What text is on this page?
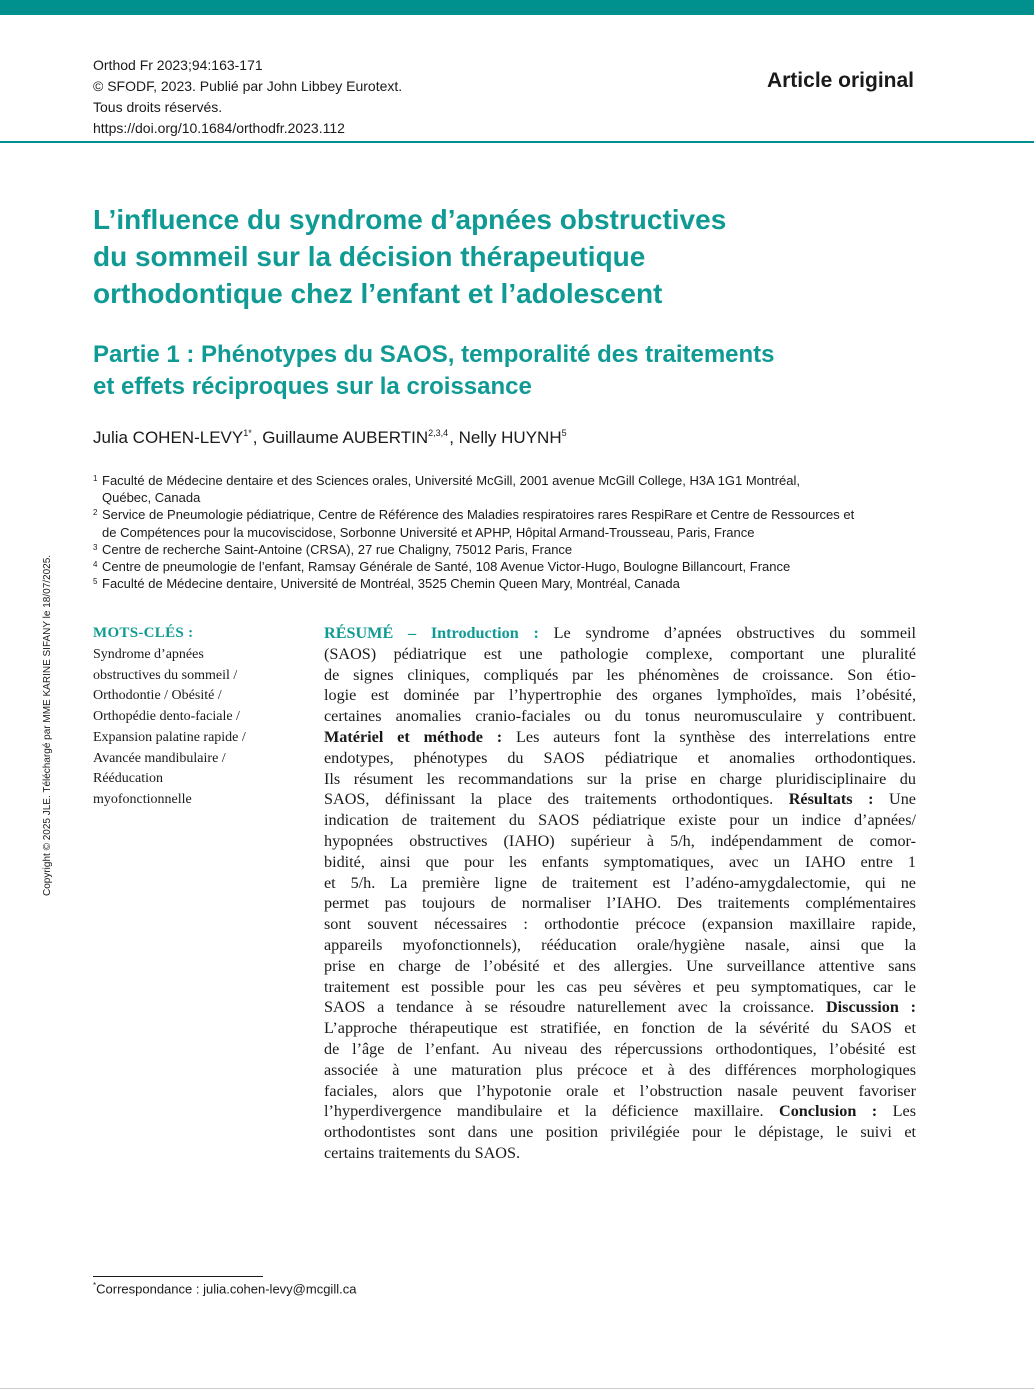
Orthod Fr 2023;94:163-171
© SFODF, 2023. Publié par John Libbey Eurotext.
Tous droits réservés.
https://doi.org/10.1684/orthodfr.2023.112
Article original
L’influence du syndrome d’apnées obstructives
du sommeil sur la décision thérapeutique
orthodontique chez l’enfant et l’adolescent
Partie 1 : Phénotypes du SAOS, temporalité des traitements
et effets réciproques sur la croissance
Julia COHEN-$LEVY^{1*}$, Guillaume AUBERTIN$^{2,3,4}$, Nelly HUYNH$^5$
1 Faculté de Médecine dentaire et des Sciences orales, Université McGill, 2001 avenue McGill College, H3A 1G1 Montréal,
Québec, Canada
2 Service de Pneumologie pédiatrique, Centre de Référence des Maladies respiratoires rares RespiRare et Centre de Ressources et
de Compétences pour la mucoviscidose, Sorbonne Université et APHP, Hôpital Armand-Trousseau, Paris, France
3 Centre de recherche Saint-Antoine (CRSA), 27 rue Chaligny, 75012 Paris, France
4 Centre de pneumologie de l’enfant, Ramsay Générale de Santé, 108 Avenue Victor-Hugo, Boulogne Billancourt, France
5 Faculté de Médecine dentaire, Université de Montréal, 3525 Chemin Queen Mary, Montréal, Canada
MOTS-CLÉS :
Syndrome d’apnées
obstructives du sommeil /
Orthodontie / Obésité /
Orthopédie dento-faciale /
Expansion palatine rapide /
Avancée mandibulaire /
Rééducation
myofonctionnelle
RÉSUMÉ – Introduction : Le syndrome d’apnées obstructives du sommeil
(SAOS) pédiatrique est une pathologie complexe, comportant une pluralité
de signes cliniques, compliqués par les phénomènes de croissance. Son étio-
logie est dominée par l’hypertrophie des organes lymphoïdes, mais l’obésité,
certaines anomalies cranio-faciales ou du tonus neuromusculaire y contribuent.
Matériel et méthode : Les auteurs font la synthèse des interrelations entre
endotypes, phénotypes du SAOS pédiatrique et anomalies orthodontiques.
Ils résument les recommandations sur la prise en charge pluridisciplinaire du
SAOS, définissant la place des traitements orthodontiques. Résultats : Une
indication de traitement du SAOS pédiatrique existe pour un indice d’apnées/
hypopnées obstructives (IAHO) supérieur à 5/h, indépendamment de comor-
bidité, ainsi que pour les enfants symptomatiques, avec un IAHO entre 1
et 5/h. La première ligne de traitement est l’adéno-amygdalectomie, qui ne
permet pas toujours de normaliser l’IAHO. Des traitements complémentaires
sont souvent nécessaires : orthodontie précoce (expansion maxillaire rapide,
appareils myofonctionnels), rééducation orale/hygiène nasale, ainsi que la
prise en charge de l’obésité et des allergies. Une surveillance attentive sans
traitement est possible pour les cas peu sévères et peu symptomatiques, car le
SAOS a tendance à se résoudre naturellement avec la croissance. Discussion :
L’approche thérapeutique est stratifiée, en fonction de la sévérité du SAOS et
de l’âge de l’enfant. Au niveau des répercussions orthodontiques, l’obésité est
associée à une maturation plus précoce et à des différences morphologiques
faciales, alors que l’hypotonie orale et l’obstruction nasale peuvent favoriser
l’hyperdivergence mandibulaire et la déficience maxillaire. Conclusion : Les
orthodontistes sont dans une position privilégiée pour le dépistage, le suivi et
certains traitements du SAOS.
Copyright © 2025 JLE. Téléchargé par MME KARINE SIFANY le 18/07/2025.
*Correspondance : julia.cohen-levy@mcgill.ca
